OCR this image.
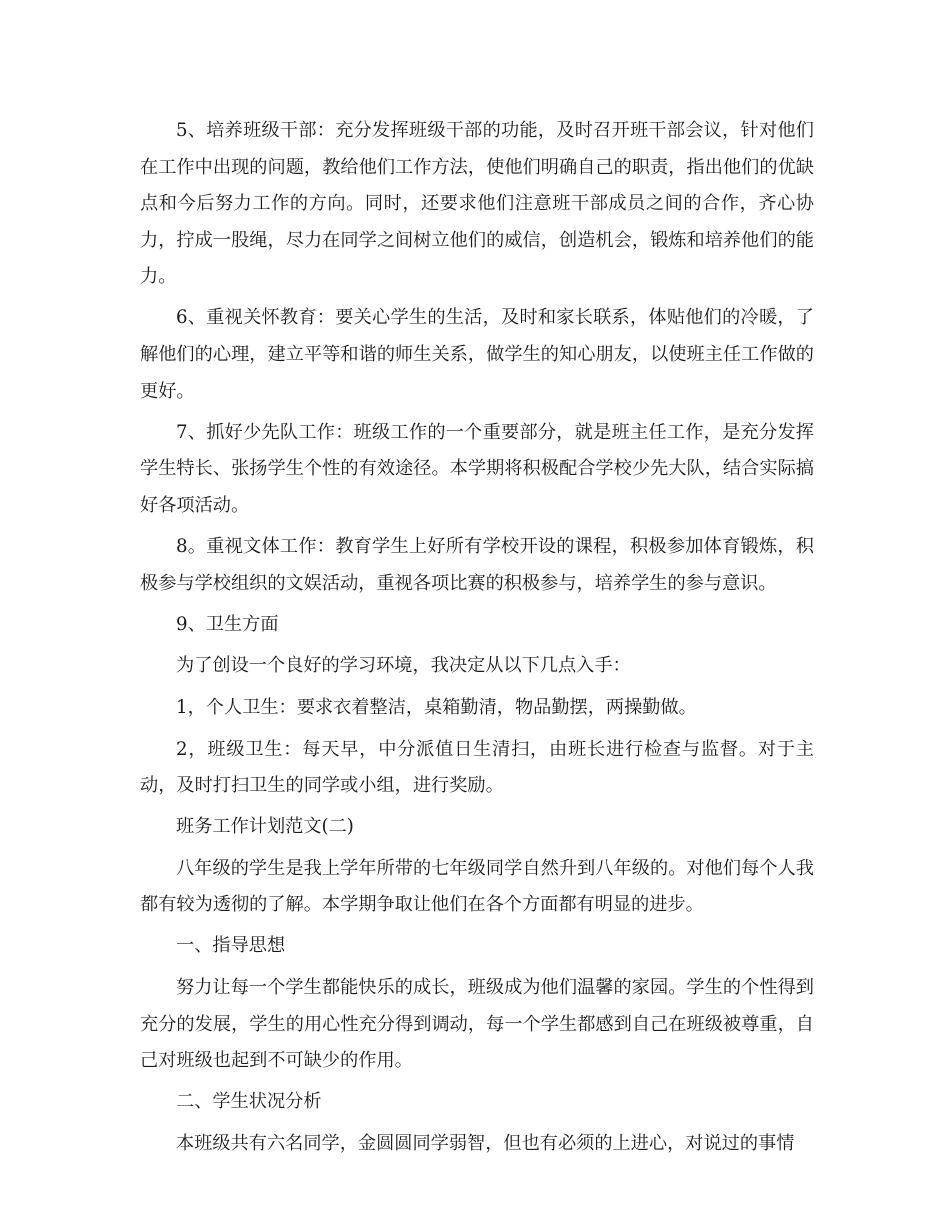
5、培养班级干部：充分发挥班级干部的功能，及时召开班干部会议，针对他们在工作中出现的问题，教给他们工作方法，使他们明确自己的职责，指出他们的优缺点和今后努力工作的方向。同时，还要求他们注意班干部成员之间的合作，齐心协力，拧成一股绳，尽力在同学之间树立他们的威信，创造机会，锻炼和培养他们的能力。

6、重视关怀教育：要关心学生的生活，及时和家长联系，体贴他们的冷暖，了解他们的心理，建立平等和谐的师生关系，做学生的知心朋友，以使班主任工作做的更好。

7、抓好少先队工作：班级工作的一个重要部分，就是班主任工作，是充分发挥学生特长、张扬学生个性的有效途径。本学期将积极配合学校少先大队，结合实际搞好各项活动。

8。重视文体工作：教育学生上好所有学校开设的课程，积极参加体育锻炼，积极参与学校组织的文娱活动，重视各项比赛的积极参与，培养学生的参与意识。

9、卫生方面

为了创设一个良好的学习环境，我决定从以下几点入手：

1，个人卫生：要求衣着整洁，桌箱勤清，物品勤摆，两操勤做。

2，班级卫生：每天早，中分派值日生清扫，由班长进行检查与监督。对于主动，及时打扫卫生的同学或小组，进行奖励。

班务工作计划范文(二)

八年级的学生是我上学年所带的七年级同学自然升到八年级的。对他们每个人我都有较为透彻的了解。本学期争取让他们在各个方面都有明显的进步。

一、指导思想

努力让每一个学生都能快乐的成长，班级成为他们温馨的家园。学生的个性得到充分的发展，学生的用心性充分得到调动，每一个学生都感到自己在班级被尊重，自己对班级也起到不可缺少的作用。

二、学生状况分析

本班级共有六名同学，金圆圆同学弱智，但也有必须的上进心，对说过的事情
